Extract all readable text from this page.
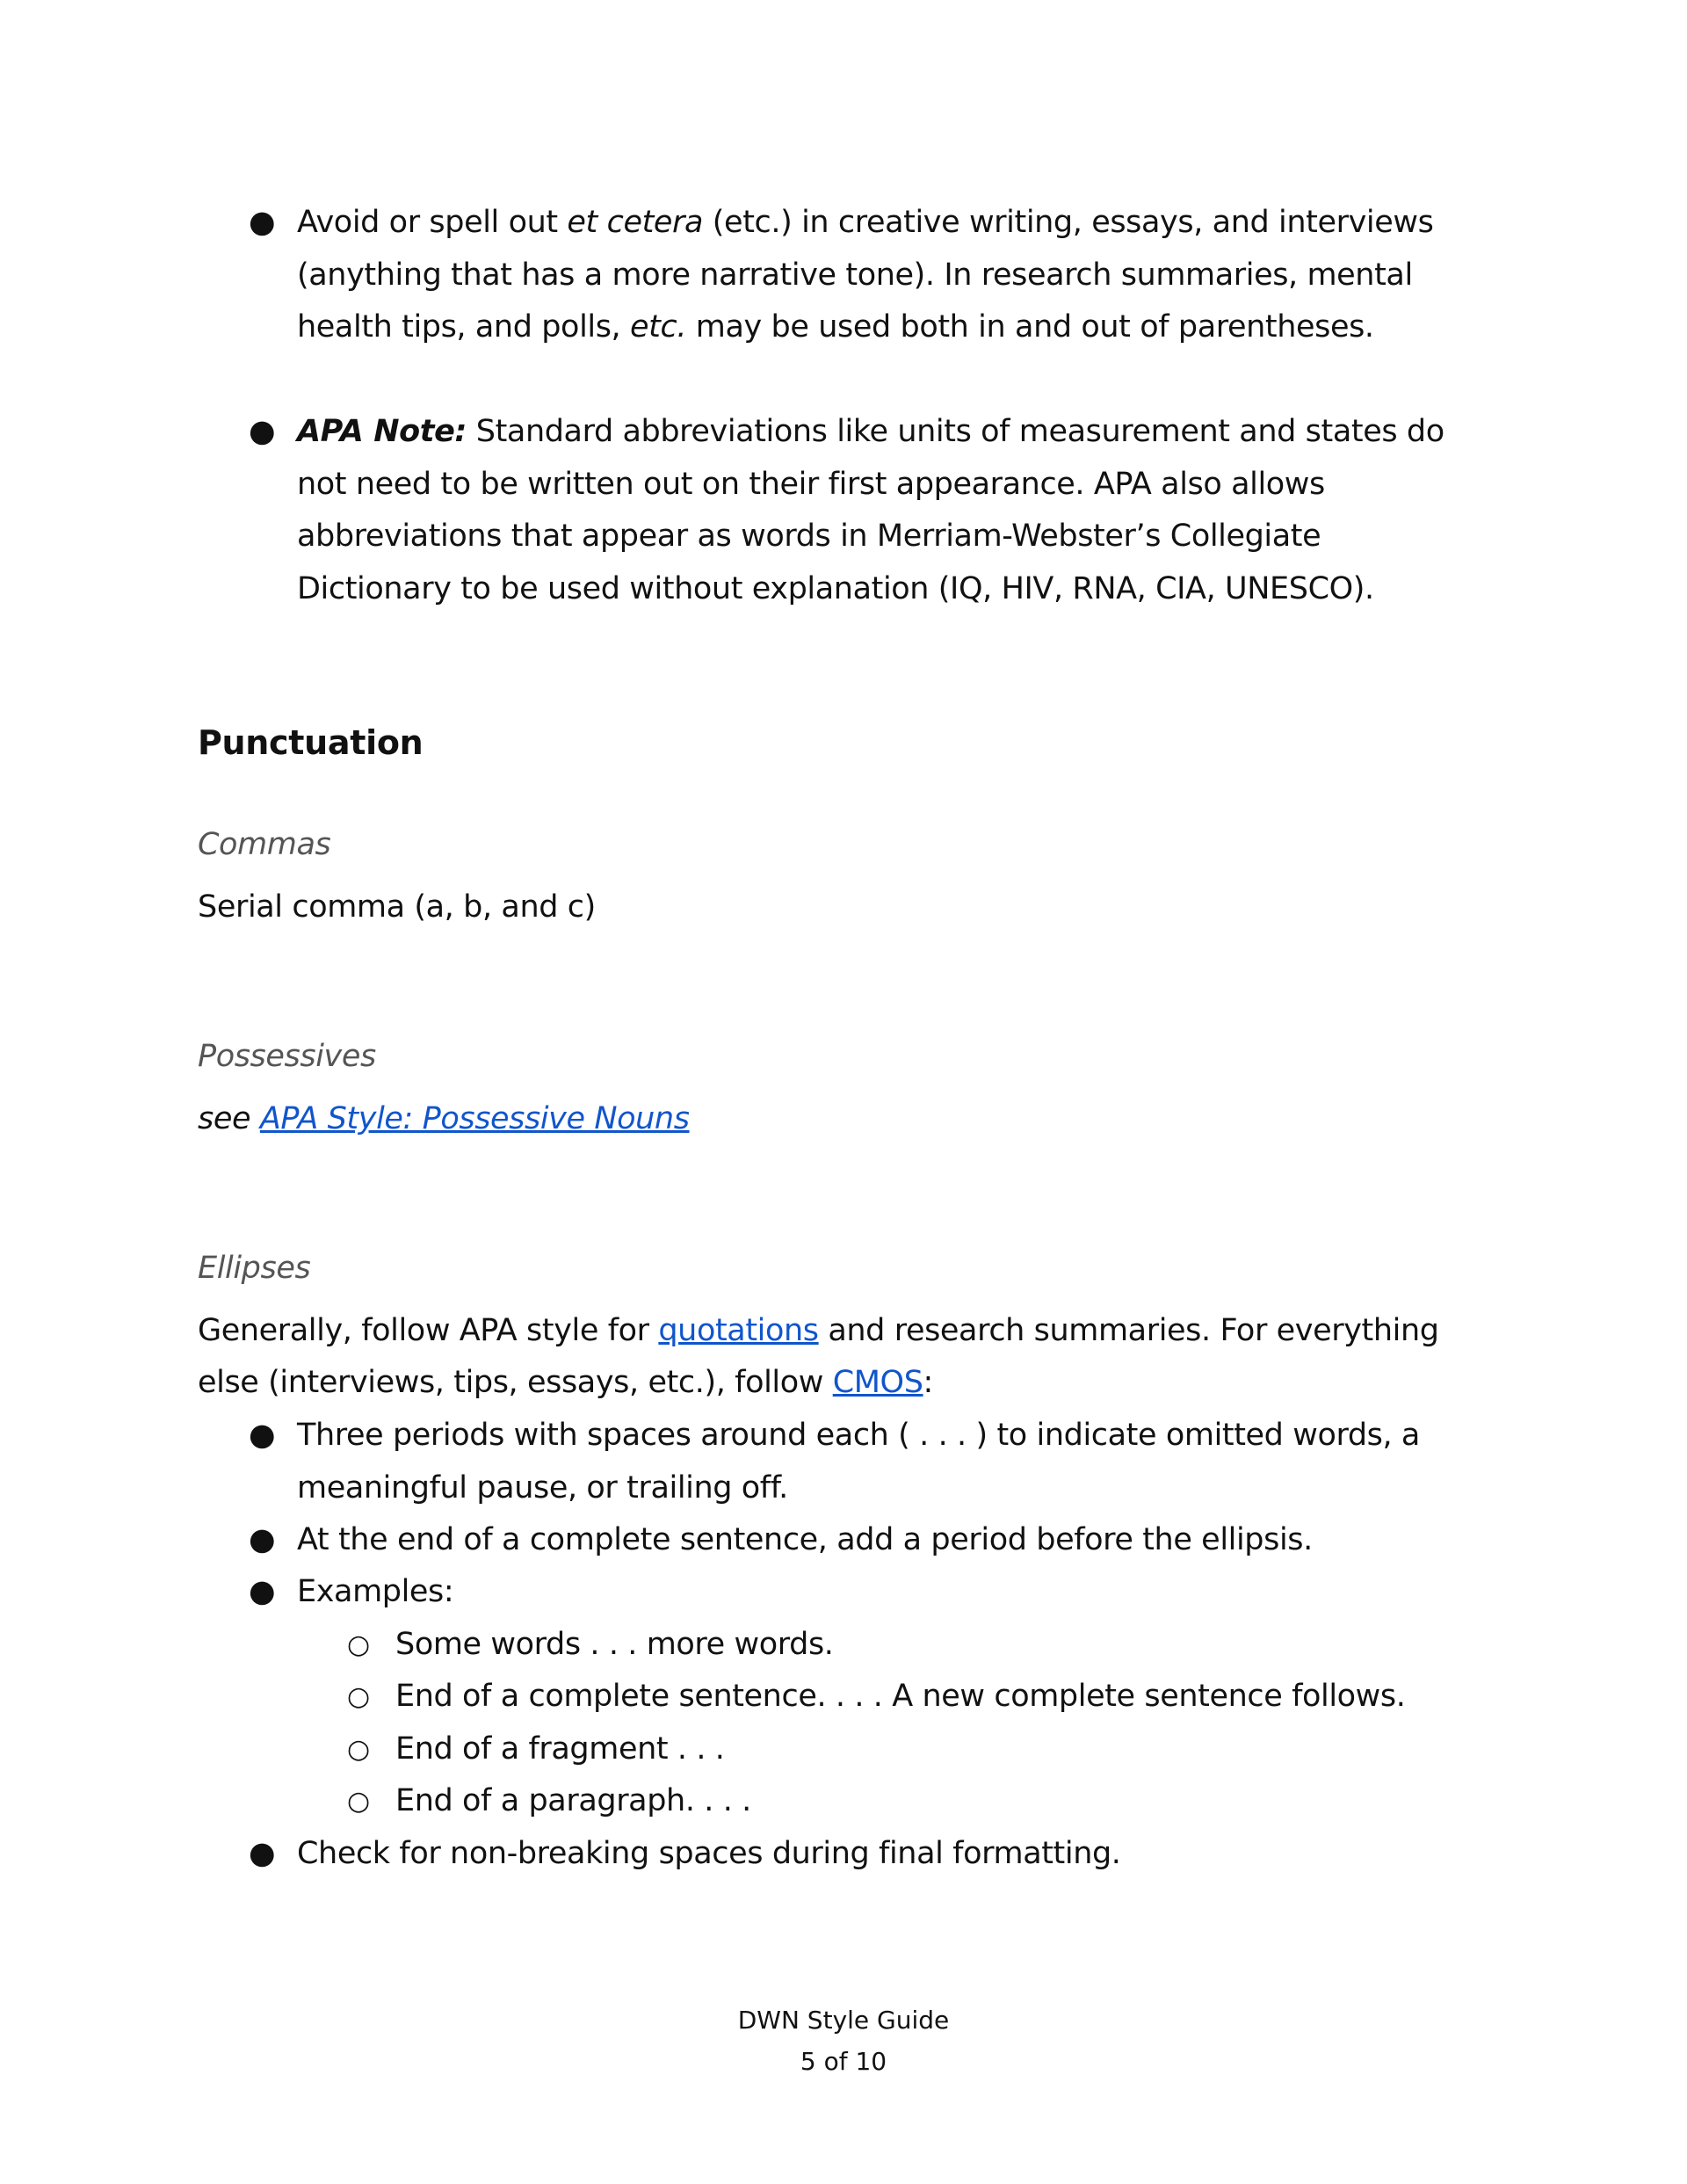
● Avoid or spell out et cetera (etc.) in creative writing, essays, and interviews
(anything that has a more narrative tone). In research summaries, mental
health tips, and polls, etc. may be used both in and out of parentheses.
● APA Note: Standard abbreviations like units of measurement and states do
not need to be written out on their first appearance. APA also allows
abbreviations that appear as words in Merriam-Webster’s Collegiate
Dictionary to be used without explanation (IQ, HIV, RNA, CIA, UNESCO).
Punctuation
Commas
Serial comma (a, b, and c)
Possessives
see APA Style: Possessive Nouns
Ellipses
Generally, follow APA style for quotations and research summaries. For everything
else (interviews, tips, essays, etc.), follow CMOS:
● Three periods with spaces around each ( . . . ) to indicate omitted words, a
meaningful pause, or trailing off.
● At the end of a complete sentence, add a period before the ellipsis.
● Examples:
○ Some words . . . more words.
○ End of a complete sentence. . . . A new complete sentence follows.
○ End of a fragment . . .
○ End of a paragraph. . . .
● Check for non-breaking spaces during final formatting.
DWN Style Guide
5 of 10
